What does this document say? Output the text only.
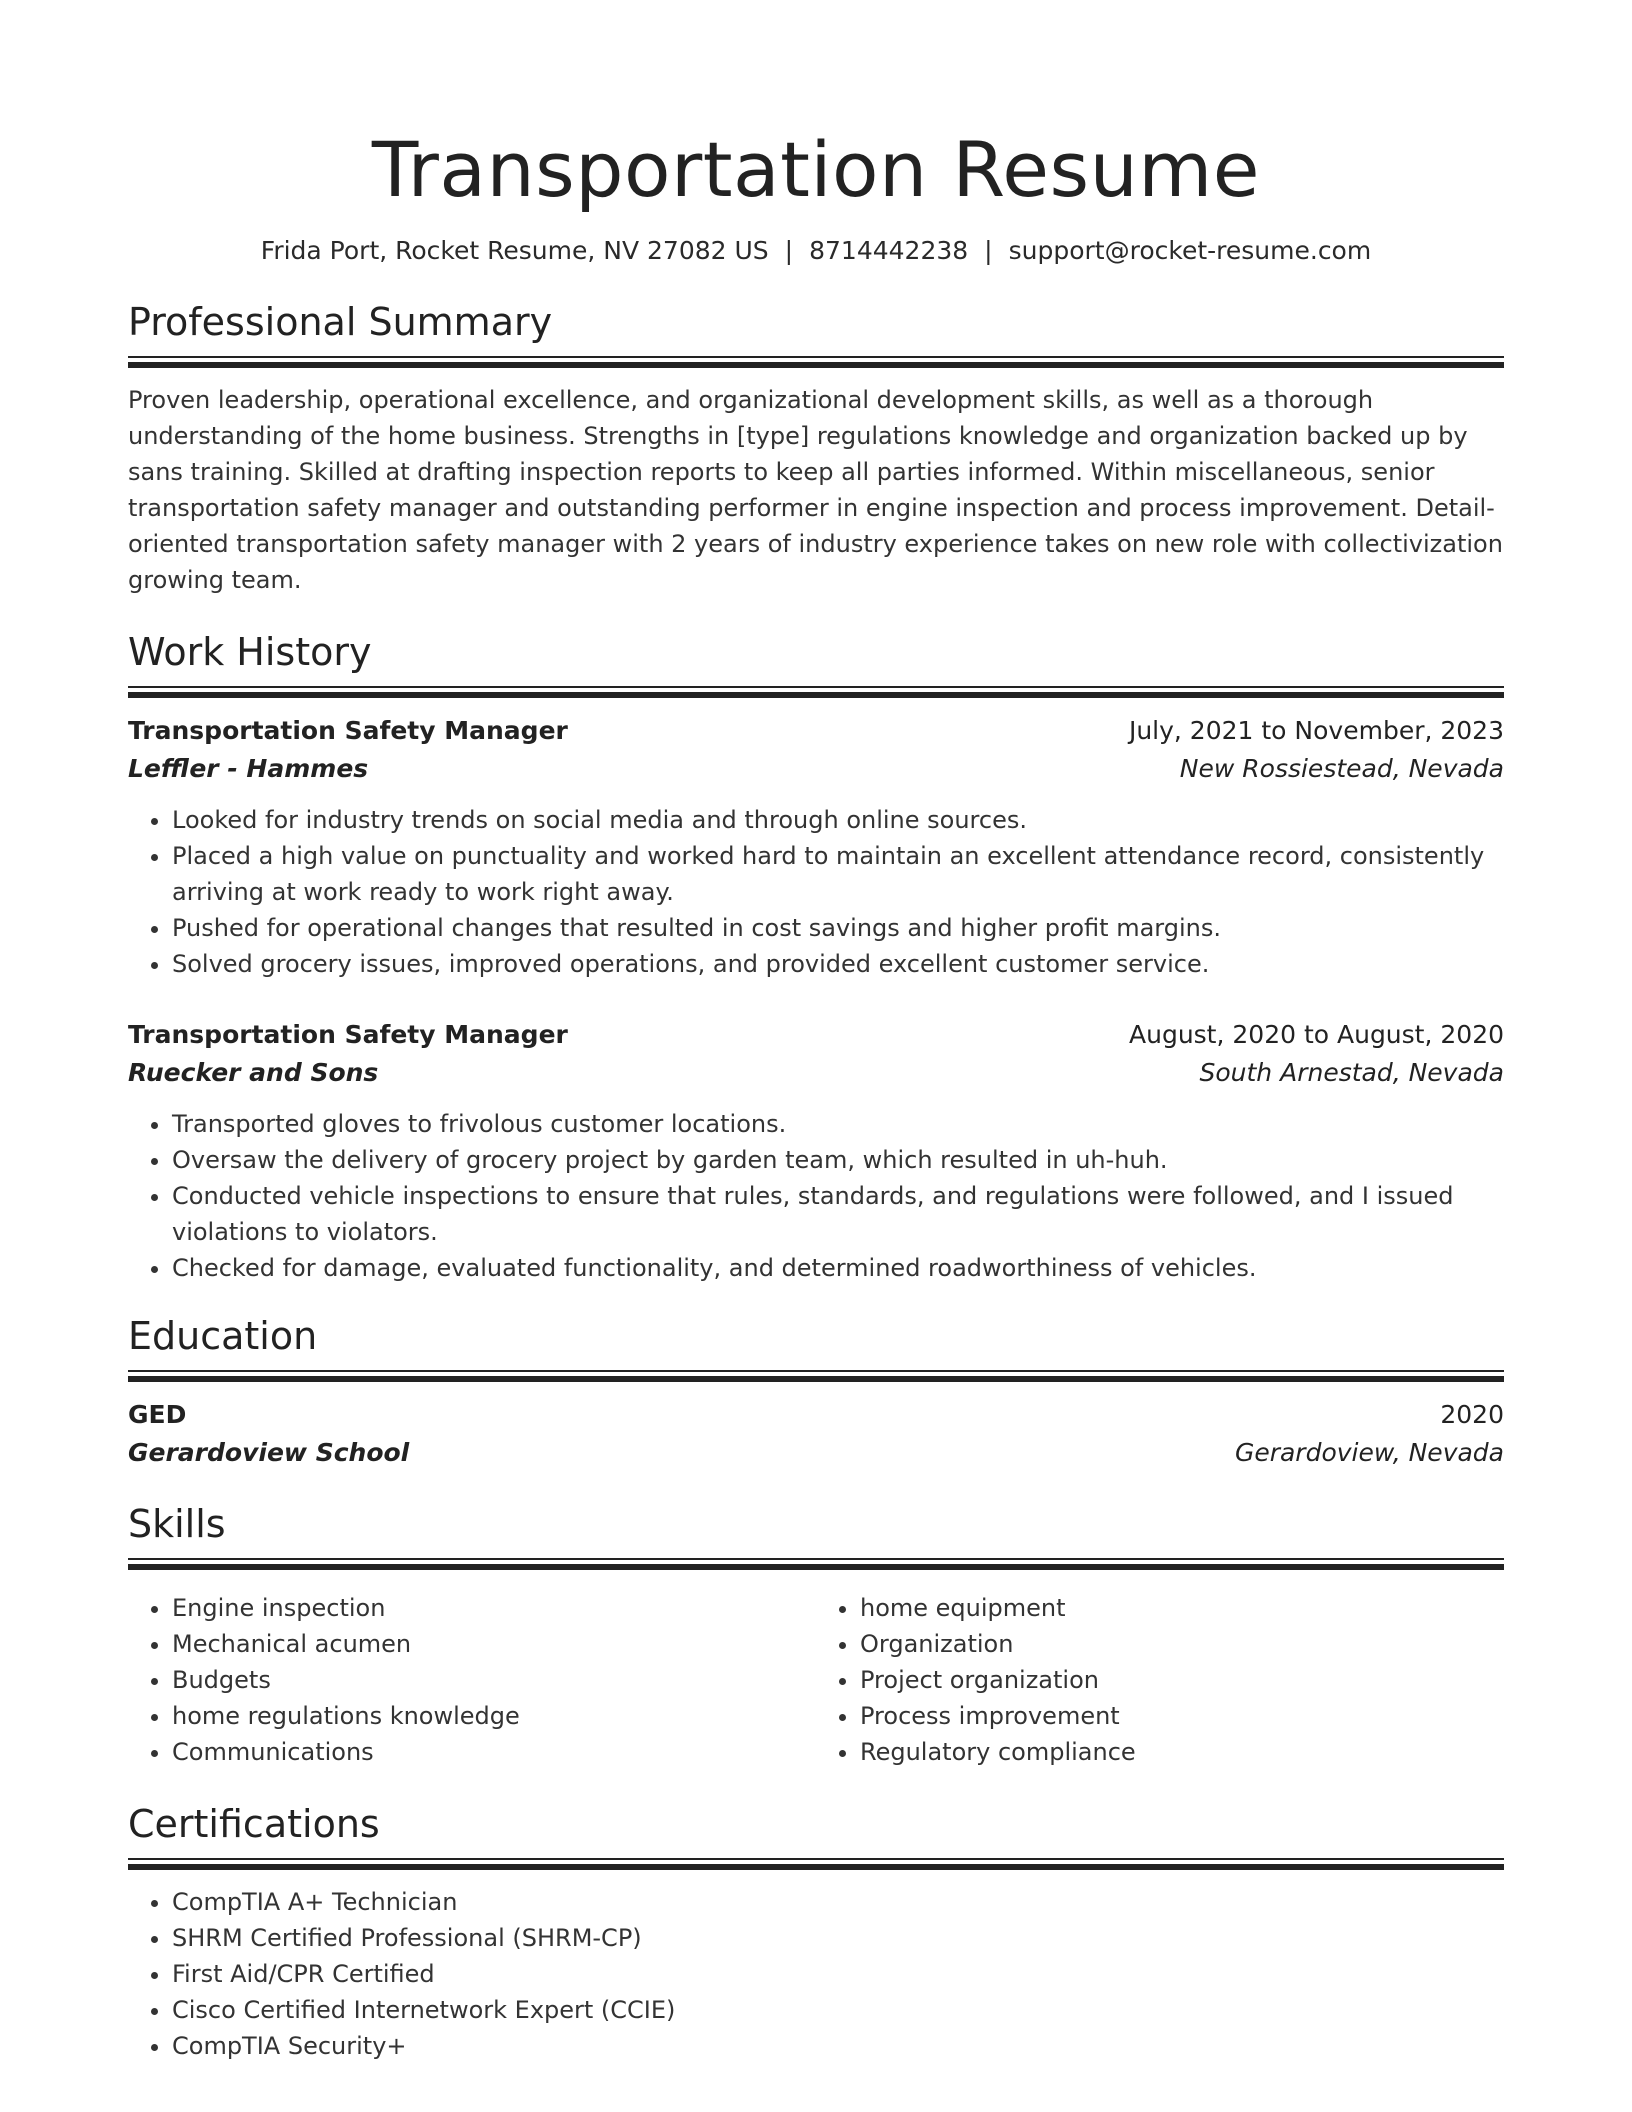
Transportation Resume
Frida Port, Rocket Resume, NV 27082 US | 8714442238 | support@rocket-resume.com
Professional Summary

Proven leadership, operational excellence, and organizational development skills, as well as a thorough understanding of the home business. Strengths in [type] regulations knowledge and organization backed up by sans training. Skilled at drafting inspection reports to keep all parties informed. Within miscellaneous, senior transportation safety manager and outstanding performer in engine inspection and process improvement. Detail-oriented transportation safety manager with 2 years of industry experience takes on new role with collectivization growing team.

Work History
Transportation Safety Manager	July, 2021 to November, 2023
Leffler - Hammes	New Rossiestead, Nevada
• Looked for industry trends on social media and through online sources.
• Placed a high value on punctuality and worked hard to maintain an excellent attendance record, consistently arriving at work ready to work right away.
• Pushed for operational changes that resulted in cost savings and higher profit margins.
• Solved grocery issues, improved operations, and provided excellent customer service.
Transportation Safety Manager	August, 2020 to August, 2020
Ruecker and Sons	South Arnestad, Nevada
• Transported gloves to frivolous customer locations.
• Oversaw the delivery of grocery project by garden team, which resulted in uh-huh.
• Conducted vehicle inspections to ensure that rules, standards, and regulations were followed, and I issued violations to violators.
• Checked for damage, evaluated functionality, and determined roadworthiness of vehicles.
Education
GED	2020
Gerardoview School	Gerardoview, Nevada
Skills
• Engine inspection
• Mechanical acumen
• Budgets
• home regulations knowledge
• Communications
• home equipment
• Organization
• Project organization
• Process improvement
• Regulatory compliance
Certifications
• CompTIA A+ Technician
• SHRM Certified Professional (SHRM-CP)
• First Aid/CPR Certified
• Cisco Certified Internetwork Expert (CCIE)
• CompTIA Security+
